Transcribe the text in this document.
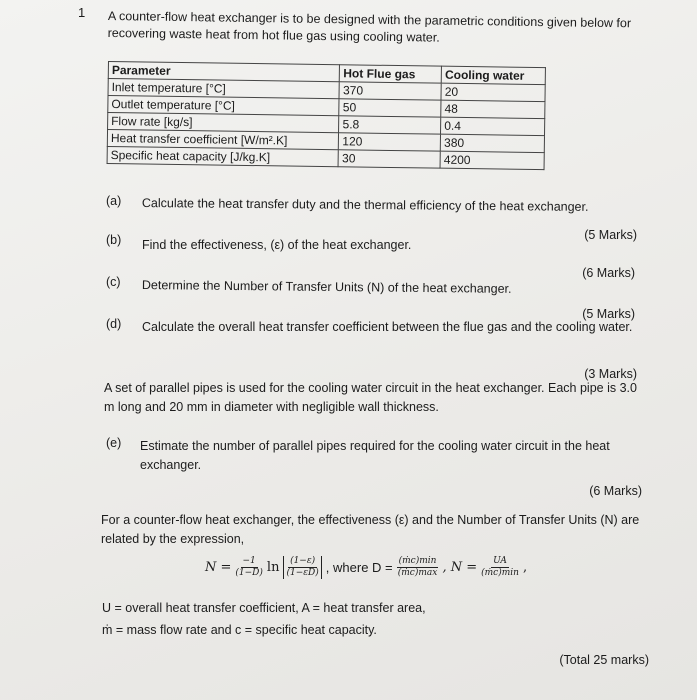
1 A counter-flow heat exchanger is to be designed with the parametric conditions given below for recovering waste heat from hot flue gas using cooling water.
Parameter	Hot Flue gas	Cooling water
Inlet temperature [°C]	370	20
Outlet temperature [°C]	50	48
Flow rate [kg/s]	5.8	0.4
Heat transfer coefficient [W/m².K]	120	380
Specific heat capacity [J/kg.K]	30	4200
(a) Calculate the heat transfer duty and the thermal efficiency of the heat exchanger.
(5 Marks)
(b) Find the effectiveness, (ε) of the heat exchanger.
(6 Marks)
(c) Determine the Number of Transfer Units (N) of the heat exchanger.
(5 Marks)
(d) Calculate the overall heat transfer coefficient between the flue gas and the cooling water.
(3 Marks)
A set of parallel pipes is used for the cooling water circuit in the heat exchanger. Each pipe is 3.0 m long and 20 mm in diameter with negligible wall thickness.
(e) Estimate the number of parallel pipes required for the cooling water circuit in the heat exchanger.
(6 Marks)
For a counter-flow heat exchanger, the effectiveness (ε) and the Number of Transfer Units (N) are related by the expression,
$N = \frac{-1}{(1-D)}$ $\ln \frac{(1-\varepsilon)}{(1-\varepsilon D)}$ , where $D = \frac{\text{(ṁc)min}}{\text{(ṁc)max}}$ , $N = \frac{UA}{\text{(ṁc)min}}$ ,
U = overall heat transfer coefficient, A = heat transfer area,
ṁ = mass flow rate and c = specific heat capacity.
(Total 25 marks)
